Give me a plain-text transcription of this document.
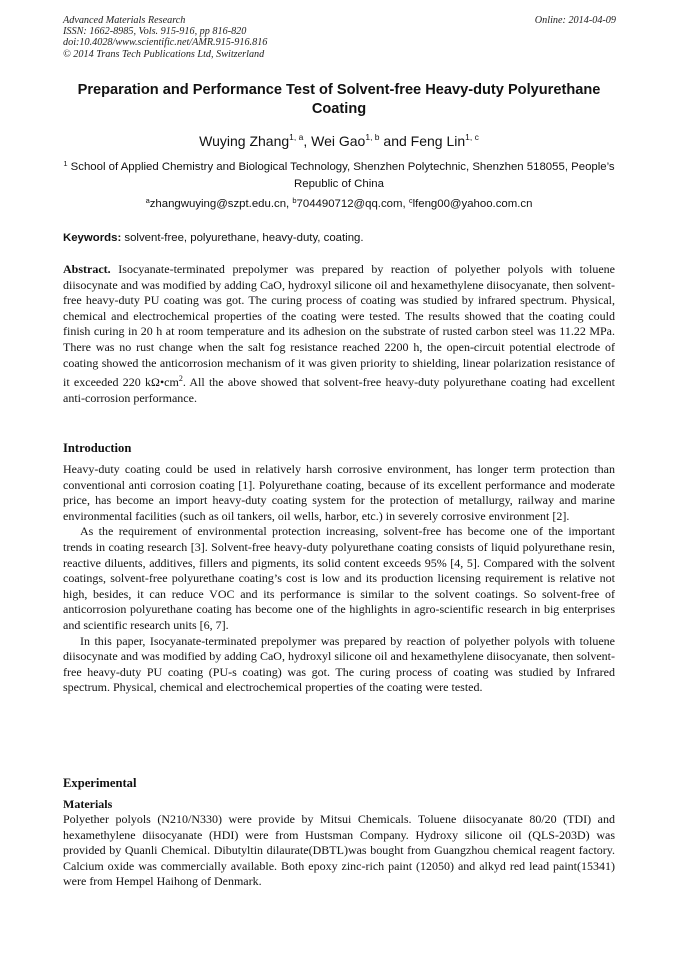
Advanced Materials Research
ISSN: 1662-8985, Vols. 915-916, pp 816-820
doi:10.4028/www.scientific.net/AMR.915-916.816
© 2014 Trans Tech Publications Ltd, Switzerland
Online: 2014-04-09
Preparation and Performance Test of Solvent-free Heavy-duty Polyurethane Coating
Wuying Zhang$^{1, a}$, Wei Gao$^{1, b}$ and Feng Lin$^{1, c}$
$^1$ School of Applied Chemistry and Biological Technology, Shenzhen Polytechnic, Shenzhen 518055, People’s Republic of China
$^a$zhangwuying@szpt.edu.cn, $^b$704490712@qq.com, $^c$lfeng00@yahoo.com.cn
Keywords: solvent-free, polyurethane, heavy-duty, coating.
Abstract. Isocyanate-terminated prepolymer was prepared by reaction of polyether polyols with toluene diisocynate and was modified by adding CaO, hydroxyl silicone oil and hexamethylene diisocyanate, then solvent-free heavy-duty PU coating was got. The curing process of coating was studied by infrared spectrum. Physical, chemical and electrochemical properties of the coating were tested. The results showed that the coating could finish curing in 20 h at room temperature and its adhesion on the substrate of rusted carbon steel was 11.22 MPa. There was no rust change when the salt fog resistance reached 2200 h, the open-circuit potential electrode of coating showed the anticorrosion mechanism of it was given priority to shielding, linear polarization resistance of it exceeded 220 $k\Omega•cm^2$. All the above showed that solvent-free heavy-duty polyurethane coating had excellent anti-corrosion performance.
Introduction

Heavy-duty coating could be used in relatively harsh corrosive environment, has longer term protection than conventional anti corrosion coating [1]. Polyurethane coating, because of its excellent performance and moderate price, has become an import heavy-duty coating system for the protection of metallurgy, railway and marine environmental facilities (such as oil tankers, oil wells, harbor, etc.) in severely corrosive environment [2].

As the requirement of environmental protection increasing, solvent-free has become one of the important trends in coating research [3]. Solvent-free heavy-duty polyurethane coating consists of liquid polyurethane resin, reactive diluents, additives, fillers and pigments, its solid content exceeds 95% [4, 5]. Compared with the solvent coatings, solvent-free polyurethane coating’s cost is low and its production licensing requirement is relative not high, besides, it can reduce VOC and its performance is similar to the solvent coatings. So solvent-free of anticorrosion polyurethane coating has become one of the highlights in agro-scientific research in big enterprises and scientific research units [6, 7].

In this paper, Isocyanate-terminated prepolymer was prepared by reaction of polyether polyols with toluene diisocynate and was modified by adding CaO, hydroxyl silicone oil and hexamethylene diisocyanate, then solvent-free heavy-duty PU coating (PU-s coating) was got. The curing process of coating was studied by Infrared spectrum. Physical, chemical and electrochemical properties of the coating were tested.

Experimental
Materials

Polyether polyols (N210/N330) were provide by Mitsui Chemicals. Toluene diisocyanate 80/20 (TDI) and hexamethylene diisocyanate (HDI) were from Hustsman Company. Hydroxy silicone oil (QLS-203D) was provided by Quanli Chemical. Dibutyltin dilaurate(DBTL)was bought from Guangzhou chemical reagent factory. Calcium oxide was commercially available. Both epoxy zinc-rich paint (12050) and alkyd red lead paint(15341) were from Hempel Haihong of Denmark.
